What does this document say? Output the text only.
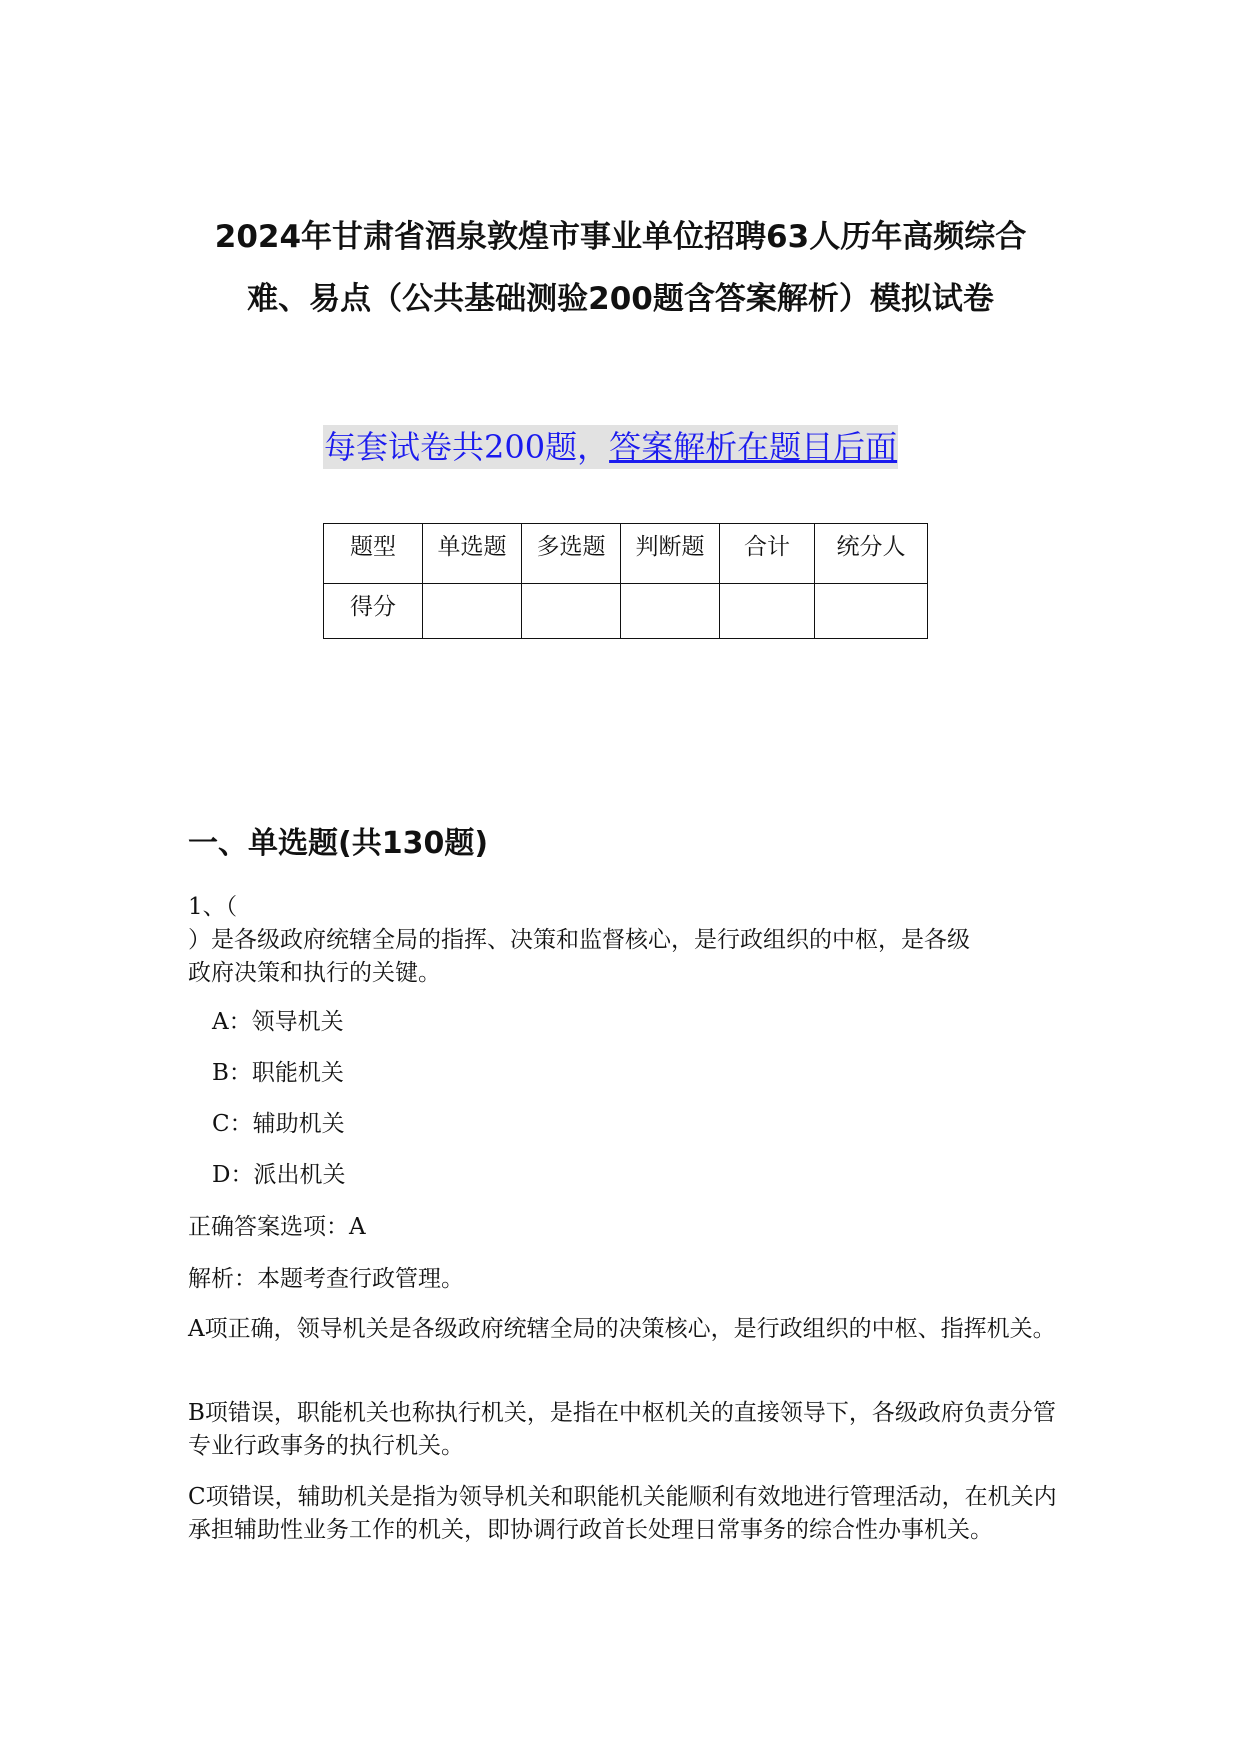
2024年甘肃省酒泉敦煌市事业单位招聘63人历年高频综合
难、易点（公共基础测验200题含答案解析）模拟试卷
每套试卷共200题，答案解析在题目后面
题型	单选题	多选题	判断题	合计	统分人
得分					
一、单选题(共130题)

1、（

）是各级政府统辖全局的指挥、决策和监督核心，是行政组织的中枢，是各级
政府决策和执行的关键。

A：领导机关

B：职能机关

C：辅助机关

D：派出机关

正确答案选项：A

解析：本题考查行政管理。

A项正确，领导机关是各级政府统辖全局的决策核心，是行政组织的中枢、指挥机关。

B项错误，职能机关也称执行机关，是指在中枢机关的直接领导下，各级政府负责分管专业行政事务的执行机关。

C项错误，辅助机关是指为领导机关和职能机关能顺利有效地进行管理活动，在机关内承担辅助性业务工作的机关，即协调行政首长处理日常事务的综合性办事机关。
